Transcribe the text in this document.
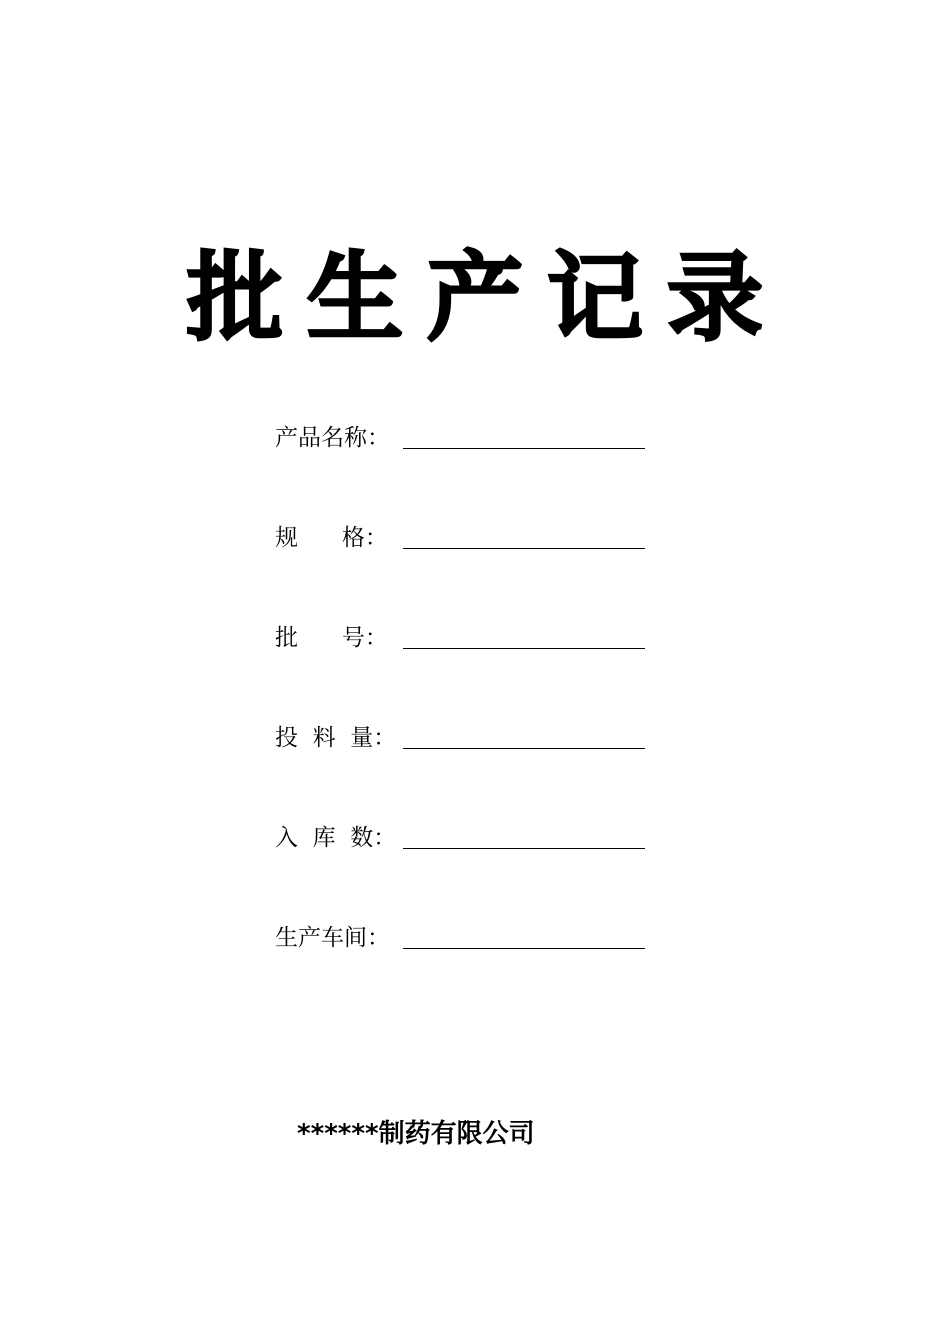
批 生 产 记 录
产品名称：
规      格：
批      号：
投  料  量：
入  库  数：
生产车间：
******制药有限公司
